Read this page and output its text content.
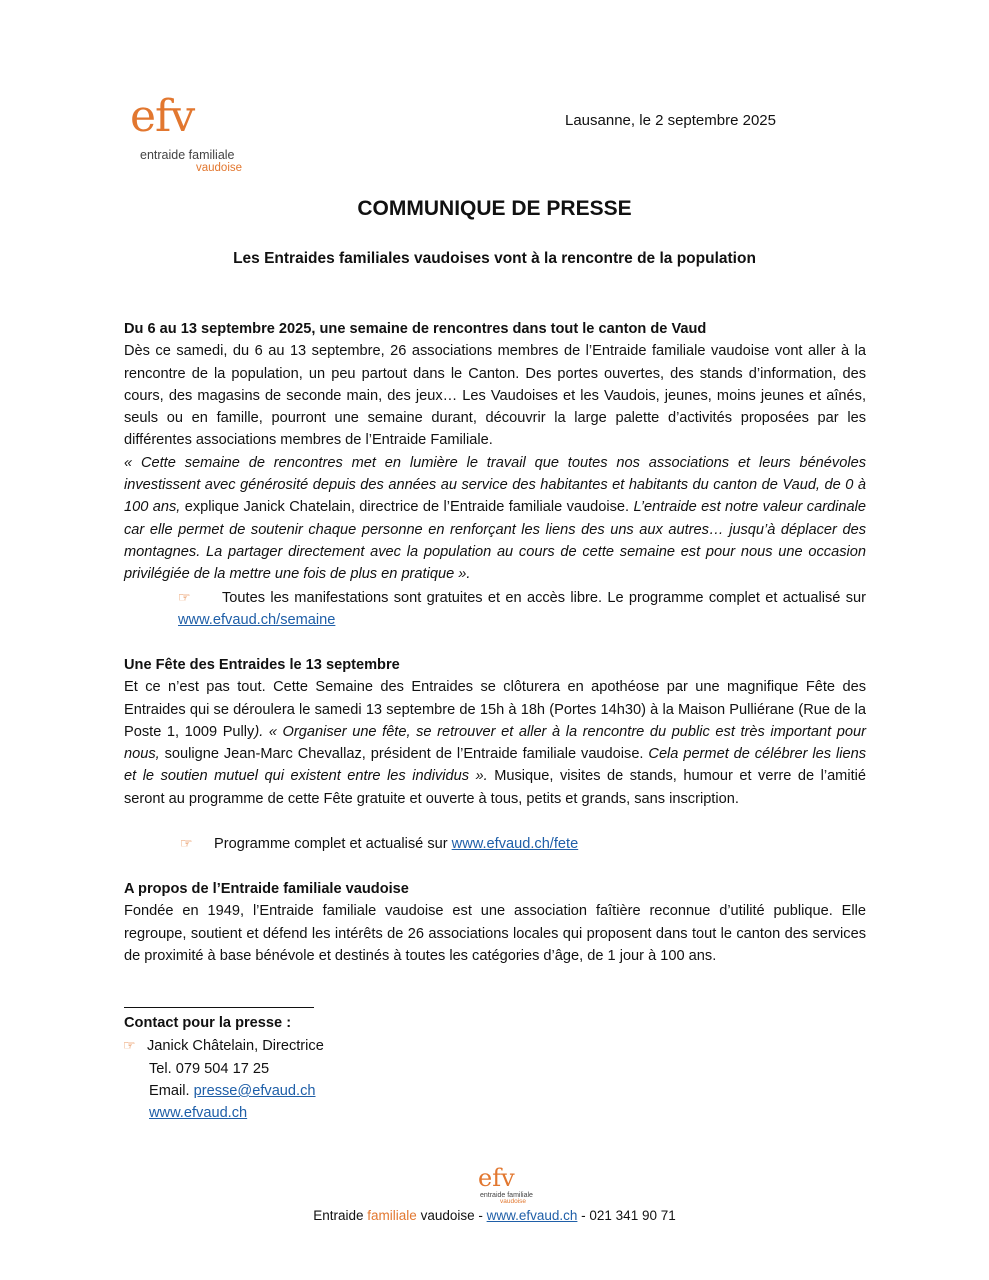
efv
entraide familiale
vaudoise
Lausanne, le 2 septembre 2025
COMMUNIQUE DE PRESSE
Les Entraides familiales vaudoises vont à la rencontre de la population

Du 6 au 13 septembre 2025, une semaine de rencontres dans tout le canton de Vaud

Dès ce samedi, du 6 au 13 septembre, 26 associations membres de l’Entraide familiale vaudoise vont aller à la rencontre de la population, un peu partout dans le Canton. Des portes ouvertes, des stands d’information, des cours, des magasins de seconde main, des jeux… Les Vaudoises et les Vaudois, jeunes, moins jeunes et aînés, seuls ou en famille, pourront une semaine durant, découvrir la large palette d’activités proposées par les différentes associations membres de l’Entraide Familiale.

« Cette semaine de rencontres met en lumière le travail que toutes nos associations et leurs bénévoles investissent avec générosité depuis des années au service des habitantes et habitants du canton de Vaud, de 0 à 100 ans, explique Janick Chatelain, directrice de l’Entraide familiale vaudoise. L’entraide est notre valeur cardinale car elle permet de soutenir chaque personne en renforçant les liens des uns aux autres… jusqu’à déplacer des montagnes. La partager directement avec la population au cours de cette semaine est pour nous une occasion privilégiée de la mettre une fois de plus en pratique ».

☞ Toutes les manifestations sont gratuites et en accès libre. Le programme complet et actualisé sur www.efvaud.ch/semaine

Une Fête des Entraides le 13 septembre

Et ce n’est pas tout. Cette Semaine des Entraides se clôturera en apothéose par une magnifique Fête des Entraides qui se déroulera le samedi 13 septembre de 15h à 18h (Portes 14h30) à la Maison Pulliérane (Rue de la Poste 1, 1009 Pully). « Organiser une fête, se retrouver et aller à la rencontre du public est très important pour nous, souligne Jean-Marc Chevallaz, président de l’Entraide familiale vaudoise. Cela permet de célébrer les liens et le soutien mutuel qui existent entre les individus ». Musique, visites de stands, humour et verre de l’amitié seront au programme de cette Fête gratuite et ouverte à tous, petits et grands, sans inscription.

☞ Programme complet et actualisé sur www.efvaud.ch/fete

A propos de l’Entraide familiale vaudoise

Fondée en 1949, l’Entraide familiale vaudoise est une association faîtière reconnue d’utilité publique. Elle regroupe, soutient et défend les intérêts de 26 associations locales qui proposent dans tout le canton des services de proximité à base bénévole et destinés à toutes les catégories d’âge, de 1 jour à 100 ans.

Contact pour la presse :

☞ Janick Châtelain, Directrice

Tel. 079 504 17 25

Email. presse@efvaud.ch

www.efvaud.ch

efv
entraide familiale
vaudoise
Entraide familiale vaudoise - www.efvaud.ch - 021 341 90 71
